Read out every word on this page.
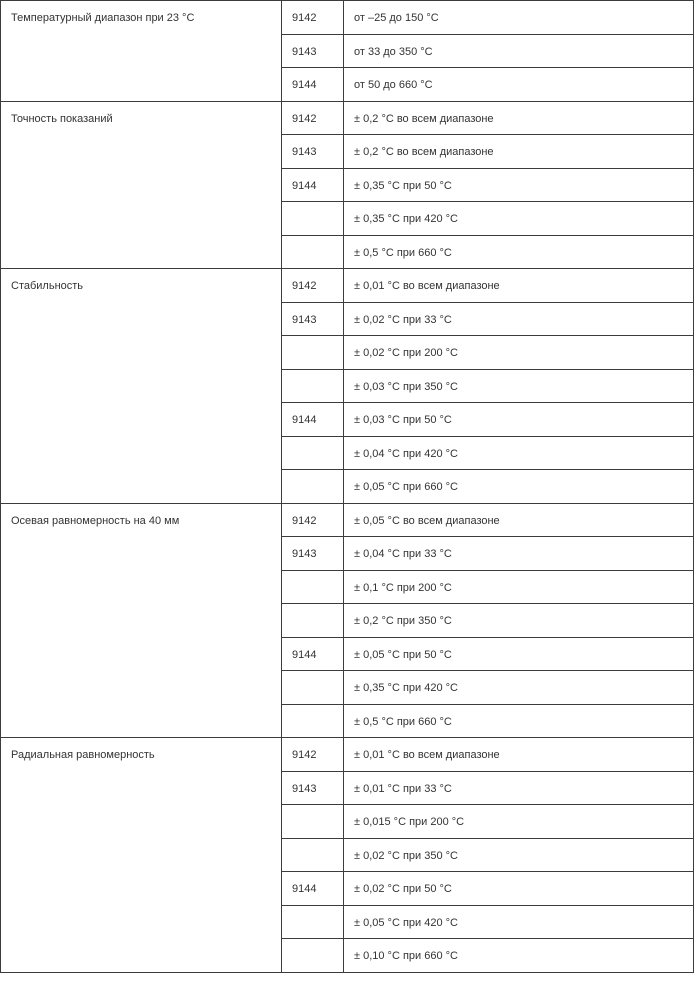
Температурный диапазон при 23 °C	9142	от –25 до 150 °C

	9143	от 33 до 350 °C

	9144	от 50 до 660 °C

Точность показаний	9142	± 0,2 °C во всем диапазоне

	9143	± 0,2 °C во всем диапазоне

	9144	± 0,35 °C при 50 °C

		± 0,35 °C при 420 °C

		± 0,5 °C при 660 °C

Стабильность	9142	± 0,01 °C во всем диапазоне

	9143	± 0,02 °C при 33 °C

		± 0,02 °C при 200 °C

		± 0,03 °C при 350 °C

	9144	± 0,03 °C при 50 °C

		± 0,04 °C при 420 °C

		± 0,05 °C при 660 °C

Осевая равномерность на 40 мм	9142	± 0,05 °C во всем диапазоне

	9143	± 0,04 °C при 33 °C

		± 0,1 °C при 200 °C

		± 0,2 °C при 350 °C

	9144	± 0,05 °C при 50 °C

		± 0,35 °C при 420 °C

		± 0,5 °C при 660 °C

Радиальная равномерность	9142	± 0,01 °C во всем диапазоне

	9143	± 0,01 °C при 33 °C

		± 0,015 °C при 200 °C

		± 0,02 °C при 350 °C

	9144	± 0,02 °C при 50 °C

		± 0,05 °C при 420 °C

		± 0,10 °C при 660 °C
